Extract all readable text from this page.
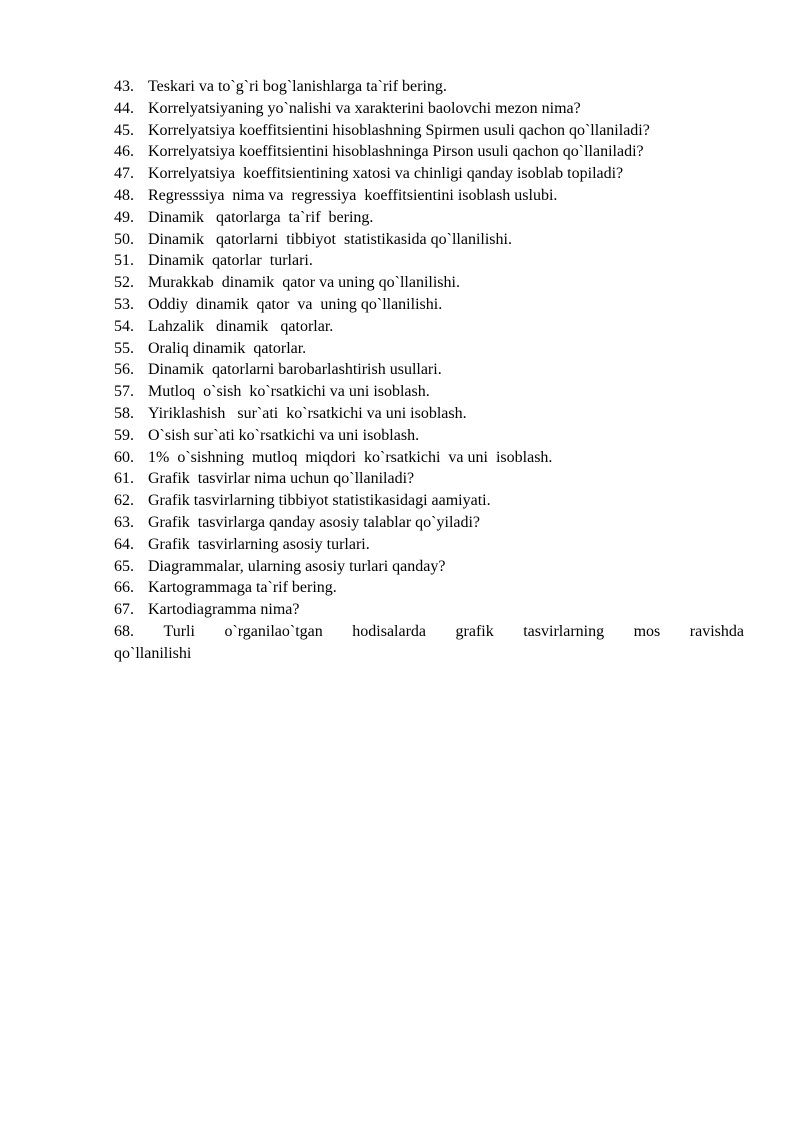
43. Teskari va to`g`ri bog`lanishlarga ta`rif bering.
44. Korrelyatsiyaning yo`nalishi va xarakterini baolovchi mezon nima?
45. Korrelyatsiya koeffitsientini hisoblashning Spirmen usuli qachon qo`llaniladi?
46. Korrelyatsiya koeffitsientini hisoblashninga Pirson usuli qachon qo`llaniladi?
47. Korrelyatsiya  koeffitsientining xatosi va chinligi qanday isoblab topiladi?
48. Regresssiya  nima va  regressiya  koeffitsientini isoblash uslubi.
49. Dinamik   qatorlarga  ta`rif  bering.
50. Dinamik   qatorlarni  tibbiyot  statistikasida qo`llanilishi.
51. Dinamik  qatorlar  turlari.
52. Murakkab  dinamik  qator va uning qo`llanilishi.
53. Oddiy  dinamik  qator  va  uning qo`llanilishi.
54. Lahzalik   dinamik   qatorlar.
55. Oraliq dinamik  qatorlar.
56. Dinamik  qatorlarni barobarlashtirish usullari.
57. Mutloq  o`sish  ko`rsatkichi va uni isoblash.
58. Yiriklashish   sur`ati  ko`rsatkichi va uni isoblash.
59. O`sish sur`ati ko`rsatkichi va uni isoblash.
60. 1%  o`sishning  mutloq  miqdori  ko`rsatkichi  va uni  isoblash.
61. Grafik  tasvirlar nima uchun qo`llaniladi?
62. Grafik tasvirlarning tibbiyot statistikasidagi aamiyati.
63. Grafik  tasvirlarga qanday asosiy talablar qo`yiladi?
64. Grafik  tasvirlarning asosiy turlari.
65. Diagrammalar, ularning asosiy turlari qanday?
66. Kartogrammaga ta`rif bering.
67. Kartodiagramma nima?
68. Turli o`rganilao`tgan hodisalarda grafik tasvirlarning mos ravishda
qo`llanilishi
